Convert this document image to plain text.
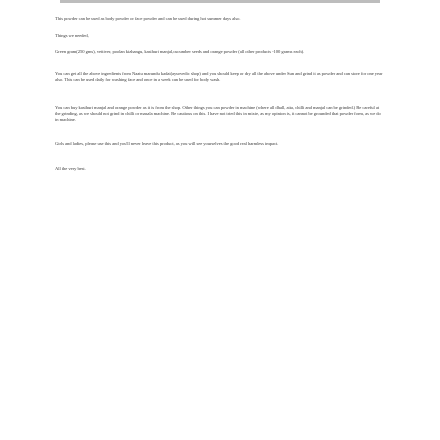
This powder can be used as body powder or face powder and can be used during hot summer days also.

Things we needed,

Green gram(250 gms), vettiver, poolan kizhangu, kasthuri manjal,cucumber seeds and orange powder (all other products -100 grams each).

You can get all the above ingredients from Naatu marundu kadai(ayurvedic shop) and you should keep or dry all the above under Sun and grind it as powder and can store for one year also. This can be used daily for washing face and once in a week can be used for body wash.

You can buy kasthuri manjal and orange powder as it is from the shop. Other things you can powder in machine (where all dhall, atta, chilli and manjal can be grinded.) Be careful at the grinding, as we should not grind in chilli or masala machine. Be cautious on this. I have not tried this in mixie, as my opinion is, it cannot be grounded that powder form, as we do in machine.

Girls and ladies, please use this and you'll never leave this product, as you will see yourselves the good real harmless impact.

All the very best.
